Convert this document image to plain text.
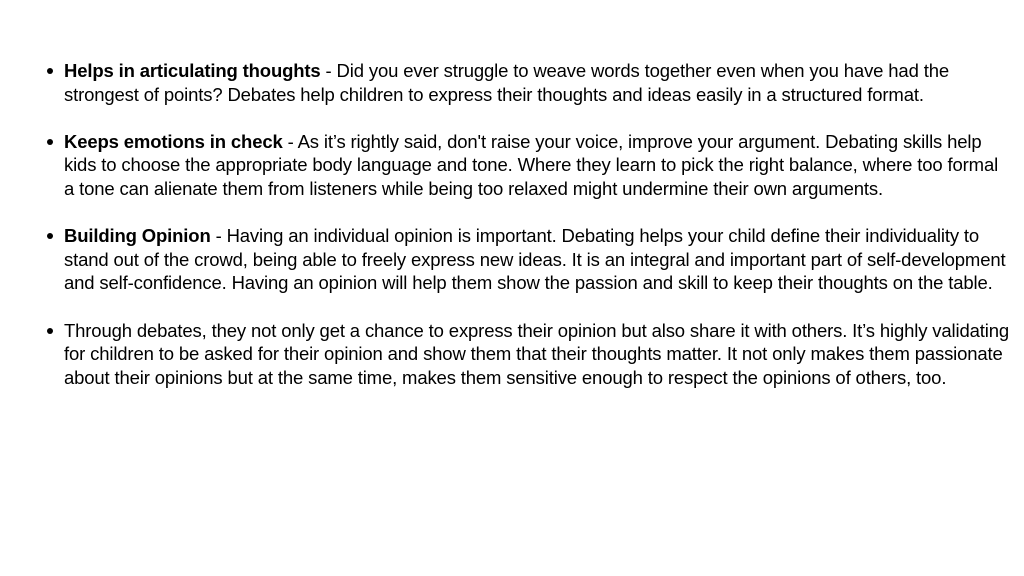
Helps in articulating thoughts - Did you ever struggle to weave words together even when you have had the strongest of points? Debates help children to express their thoughts and ideas easily in a structured format.
Keeps emotions in check - As it’s rightly said, don't raise your voice, improve your argument. Debating skills help kids to choose the appropriate body language and tone. Where they learn to pick the right balance, where too formal a tone can alienate them from listeners while being too relaxed might undermine their own arguments.
Building Opinion - Having an individual opinion is important. Debating helps your child define their individuality to stand out of the crowd, being able to freely express new ideas. It is an integral and important part of self-development and self-confidence. Having an opinion will help them show the passion and skill to keep their thoughts on the table.
Through debates, they not only get a chance to express their opinion but also share it with others. It’s highly validating for children to be asked for their opinion and show them that their thoughts matter. It not only makes them passionate about their opinions but at the same time, makes them sensitive enough to respect the opinions of others, too.
